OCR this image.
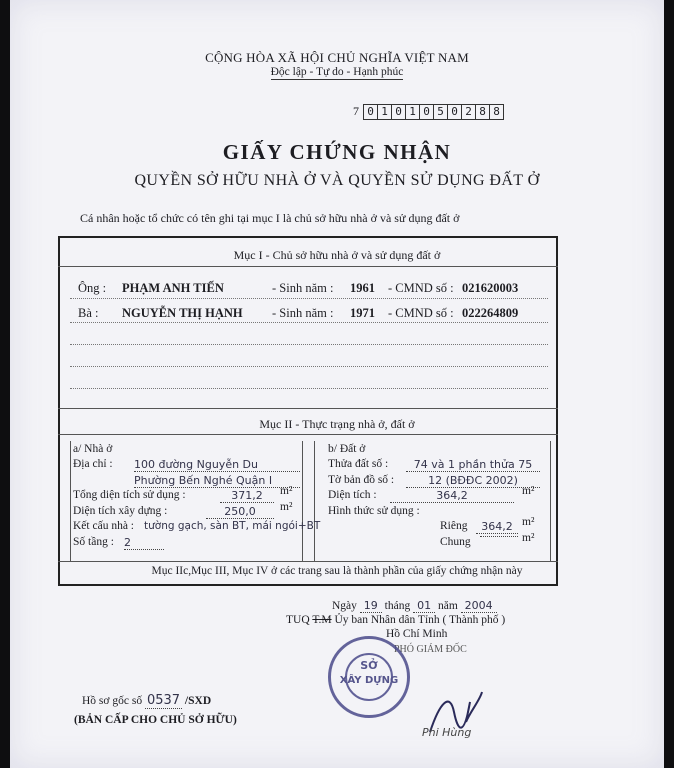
CỘNG HÒA XÃ HỘI CHỦ NGHĨA VIỆT NAM
Độc lập - Tự do - Hạnh phúc
7 0 1 0 1 0 5 0 2 8 8
GIẤY CHỨNG NHẬN
QUYỀN SỞ HỮU NHÀ Ở VÀ QUYỀN SỬ DỤNG ĐẤT Ở
Cá nhân hoặc tổ chức có tên ghi tại mục I là chủ sở hữu nhà ở và sử dụng đất ở
Mục I - Chủ sở hữu nhà ở và sử dụng đất ở
Ông : PHẠM ANH TIẾN	- Sinh năm : 1961 - CMND số : 021620003
Bà : NGUYỄN THỊ HẠNH - Sinh năm : 1971 - CMND số : 022264809
Mục II - Thực trạng nhà ở, đất ở
a/ Nhà ở
Địa chỉ : 100 đường Nguyễn Du
Phường Bến Nghé Quận I
Tổng diện tích sử dụng :	371,2	m²
Diện tích xây dựng :	250,0	m²
Kết cấu nhà : tường gạch, sàn BT, mái ngói+BT
Số tầng : 2
b/ Đất ở
Thửa đất số :	74 và 1 phần thửa 75
Tờ bản đồ số :	12 (BĐĐC 2002)
Diện tích :	364,2	m²
Hình thức sử dụng :
Riêng	364,2 m²
Chung	m²
Mục IIc,Mục III, Mục IV ở các trang sau là thành phần của giấy chứng nhận này
Ngày 19 tháng 01 năm 2004
TUQ T.M Ủy ban Nhân dân Tỉnh ( Thành phố )
Hồ Chí Minh
PHÓ GIÁM ĐỐC
SỞ
XÂY DỰNG
Phi Hùng
Hồ sơ gốc số 0537 /SXD
(BẢN CẤP CHO CHỦ SỞ HỮU)
